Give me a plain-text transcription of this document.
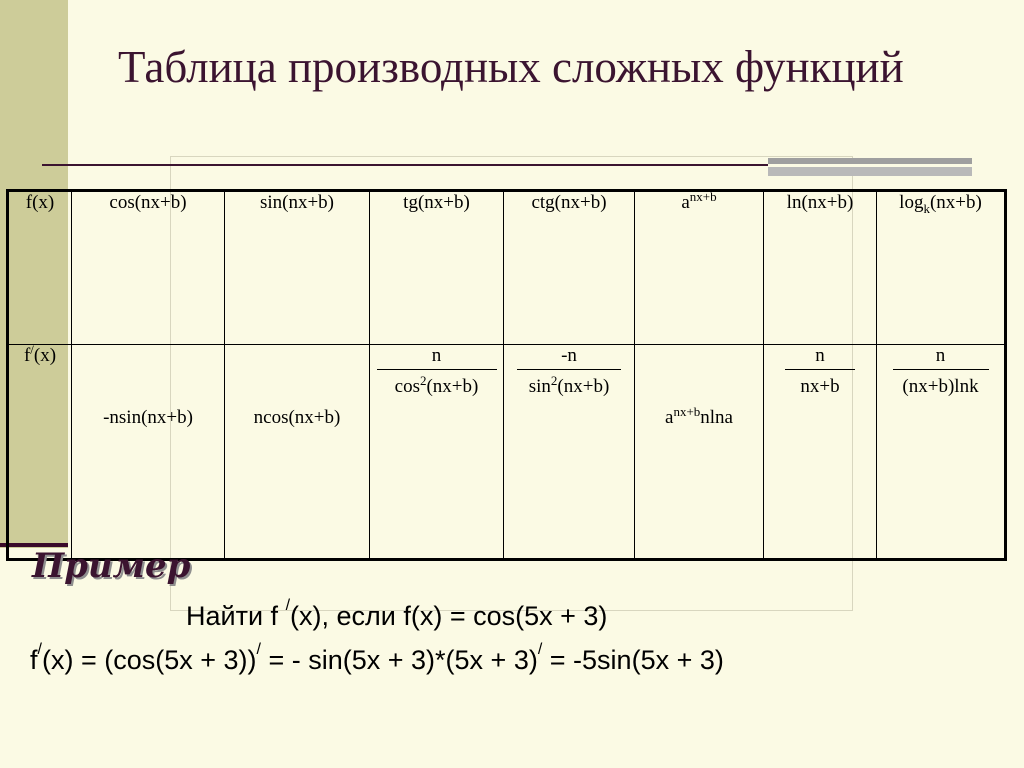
Таблица производных сложных функций
f(x)	cos(nx+b)	sin(nx+b)	tg(nx+b)	ctg(nx+b)	$a^{nx+b}$	ln(nx+b)	$\log_k(nx+b)$
f/(x)	-nsin(nx+b)	ncos(nx+b)	$\frac{n}{\cos^2(nx+b)}$	$\frac{-n}{\sin^2(nx+b)}$	$a^{nx+b}nlna$	$\frac{n}{nx+b}$	$\frac{n}{(nx+b)\ln k}$
Пример
Найти f /(x), если f(x) = cos(5x + 3)
f/(x) = (cos(5x + 3))/ = - sin(5x + 3)*(5x + 3)/ = -5sin(5x + 3)
